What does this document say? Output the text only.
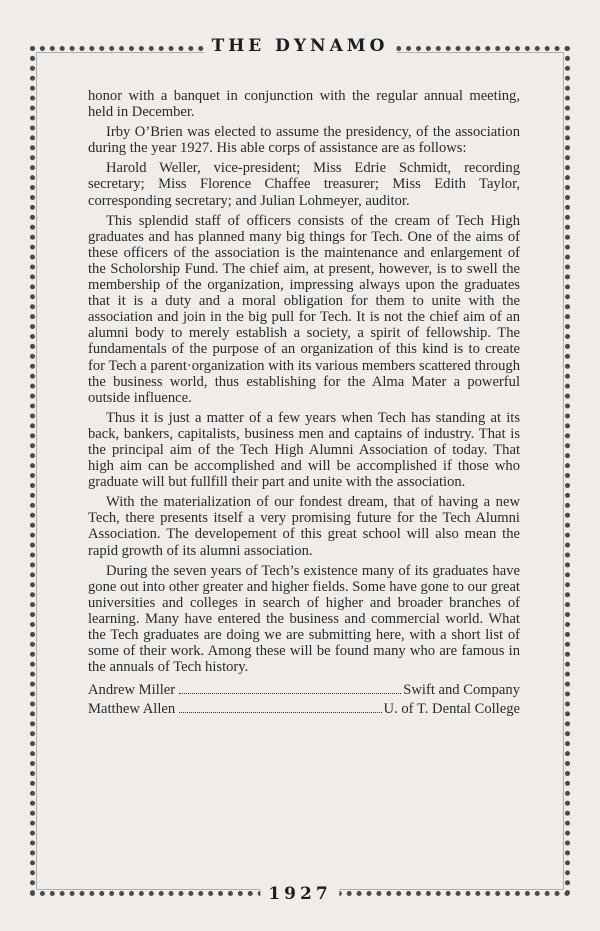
THE DYNAMO

honor with a banquet in conjunction with the regular annual meeting, held in December.

Irby O’Brien was elected to assume the presidency, of the association during the year 1927. His able corps of assistance are as follows:

Harold Weller, vice-president; Miss Edrie Schmidt, recording secretary; Miss Florence Chaffee treasurer; Miss Edith Taylor, corresponding secretary; and Julian Lohmeyer, auditor.

This splendid staff of officers consists of the cream of Tech High graduates and has planned many big things for Tech. One of the aims of these officers of the association is the maintenance and enlargement of the Scholorship Fund. The chief aim, at present, however, is to swell the membership of the organization, impressing always upon the graduates that it is a duty and a moral obligation for them to unite with the association and join in the big pull for Tech. It is not the chief aim of an alumni body to merely establish a society, a spirit of fellowship. The fundamentals of the purpose of an organization of this kind is to create for Tech a parent·organization with its various members scattered through the business world, thus establishing for the Alma Mater a powerful outside influence.

Thus it is just a matter of a few years when Tech has standing at its back, bankers, capitalists, business men and captains of industry. That is the principal aim of the Tech High Alumni Association of today. That high aim can be accomplished and will be accomplished if those who graduate will but fullfill their part and unite with the association.

With the materialization of our fondest dream, that of having a new Tech, there presents itself a very promising future for the Tech Alumni Association. The developement of this great school will also mean the rapid growth of its alumni association.

During the seven years of Tech’s existence many of its graduates have gone out into other greater and higher fields. Some have gone to our great universities and colleges in search of higher and broader branches of learning. Many have entered the business and commercial world. What the Tech graduates are doing we are submitting here, with a short list of some of their work. Among these will be found many who are famous in the annuals of Tech history.

Andrew Miller	Swift and Company
Matthew Allen	U. of T. Dental College
1927
